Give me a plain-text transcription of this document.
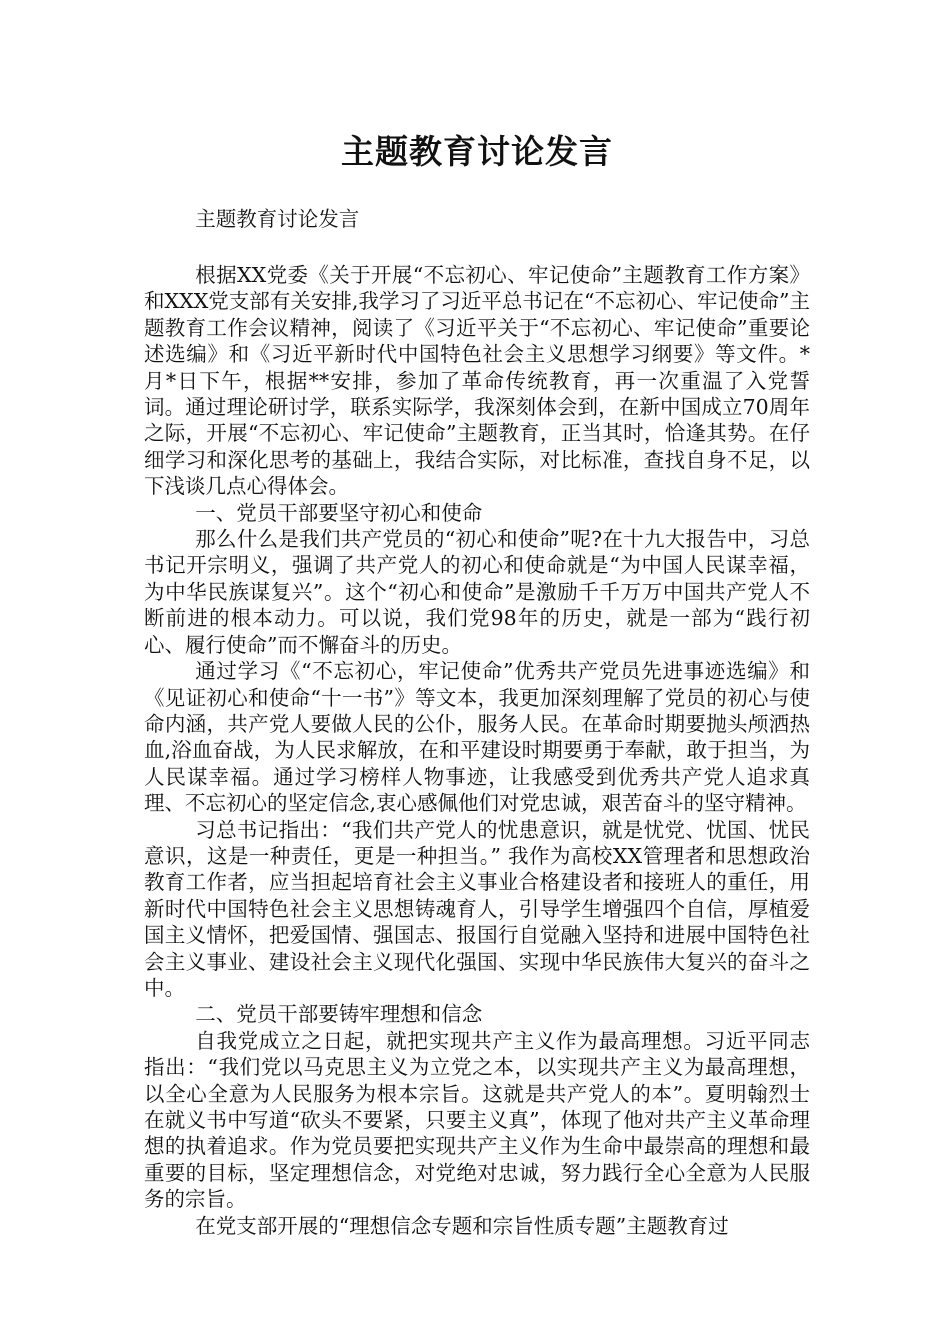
主题教育讨论发言
主题教育讨论发言

根据XX党委《关于开展“不忘初心、牢记使命”主题教育工作方案》和XXX党支部有关安排,我学习了习近平总书记在“不忘初心、牢记使命”主题教育工作会议精神，阅读了《习近平关于“不忘初心、牢记使命”重要论述选编》和《习近平新时代中国特色社会主义思想学习纲要》等文件。*月*日下午，根据**安排，参加了革命传统教育，再一次重温了入党誓词。通过理论研讨学，联系实际学，我深刻体会到，在新中国成立70周年之际，开展“不忘初心、牢记使命”主题教育，正当其时，恰逢其势。在仔细学习和深化思考的基础上，我结合实际，对比标准，查找自身不足，以下浅谈几点心得体会。

一、党员干部要坚守初心和使命

那么什么是我们共产党员的“初心和使命”呢?在十九大报告中，习总书记开宗明义，强调了共产党人的初心和使命就是“为中国人民谋幸福，为中华民族谋复兴”。这个“初心和使命”是激励千千万万中国共产党人不断前进的根本动力。可以说，我们党98年的历史，就是一部为“践行初心、履行使命”而不懈奋斗的历史。

通过学习《“不忘初心，牢记使命”优秀共产党员先进事迹选编》和《见证初心和使命“十一书”》等文本，我更加深刻理解了党员的初心与使命内涵，共产党人要做人民的公仆，服务人民。在革命时期要抛头颅洒热血,浴血奋战，为人民求解放，在和平建设时期要勇于奉献，敢于担当，为人民谋幸福。通过学习榜样人物事迹，让我感受到优秀共产党人追求真理、不忘初心的坚定信念,衷心感佩他们对党忠诚，艰苦奋斗的坚守精神。

习总书记指出：“我们共产党人的忧患意识，就是忧党、忧国、忧民意识，这是一种责任，更是一种担当。” 我作为高校XX管理者和思想政治教育工作者，应当担起培育社会主义事业合格建设者和接班人的重任，用新时代中国特色社会主义思想铸魂育人，引导学生增强四个自信，厚植爱国主义情怀，把爱国情、强国志、报国行自觉融入坚持和进展中国特色社会主义事业、建设社会主义现代化强国、实现中华民族伟大复兴的奋斗之中。

二、党员干部要铸牢理想和信念

自我党成立之日起，就把实现共产主义作为最高理想。习近平同志指出：“我们党以马克思主义为立党之本，以实现共产主义为最高理想，以全心全意为人民服务为根本宗旨。这就是共产党人的本”。夏明翰烈士在就义书中写道“砍头不要紧，只要主义真”，体现了他对共产主义革命理想的执着追求。作为党员要把实现共产主义作为生命中最崇高的理想和最重要的目标，坚定理想信念，对党绝对忠诚，努力践行全心全意为人民服务的宗旨。

在党支部开展的“理想信念专题和宗旨性质专题”主题教育过
